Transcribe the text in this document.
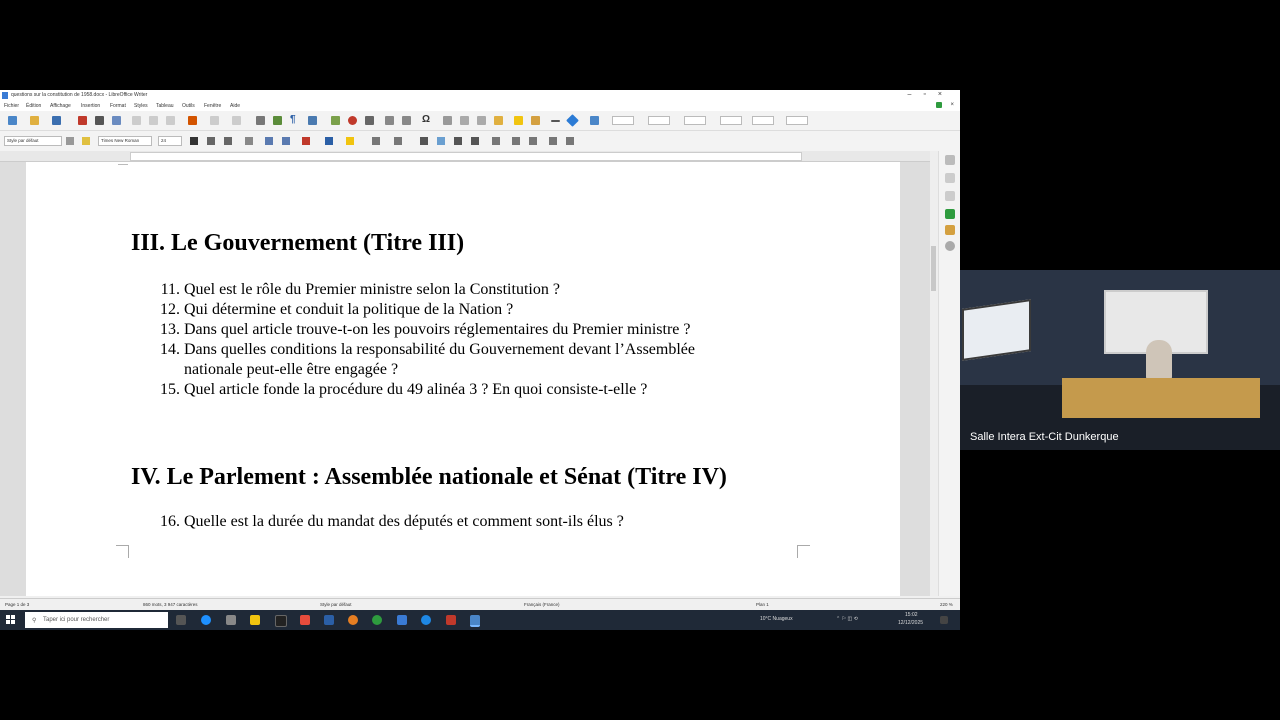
questions sur la constitution de 1958.docx - LibreOffice Writer	–▫×
Fichier Édition Affichage Insertion Format Styles Tableau Outils Fenêtre Aide	×
¶	Ω
Style par défaut	Times New Roman	24
III. Le Gouvernement (Titre III)
11. Quel est le rôle du Premier ministre selon la Constitution ?
12. Qui détermine et conduit la politique de la Nation ?
13. Dans quel article trouve-t-on les pouvoirs réglementaires du Premier ministre ?
14. Dans quelles conditions la responsabilité du Gouvernement devant l’Assemblée
nationale peut-elle être engagée ?
15. Quel article fonde la procédure du 49 alinéa 3 ? En quoi consiste-t-elle ?
IV. Le Parlement : Assemblée nationale et Sénat (Titre IV)
16. Quelle est la durée du mandat des députés et comment sont-ils élus ?
Page 1 de 3	860 mots, 3 947 caractères	Style par défaut	Français (France)	Plan 1	220 %
⚲ Taper ici pour rechercher	10°C Nuageux	⌃ ⚐ ◫ ⟲
15:02
12/12/2025
Salle Intera Ext-Cit Dunkerque
